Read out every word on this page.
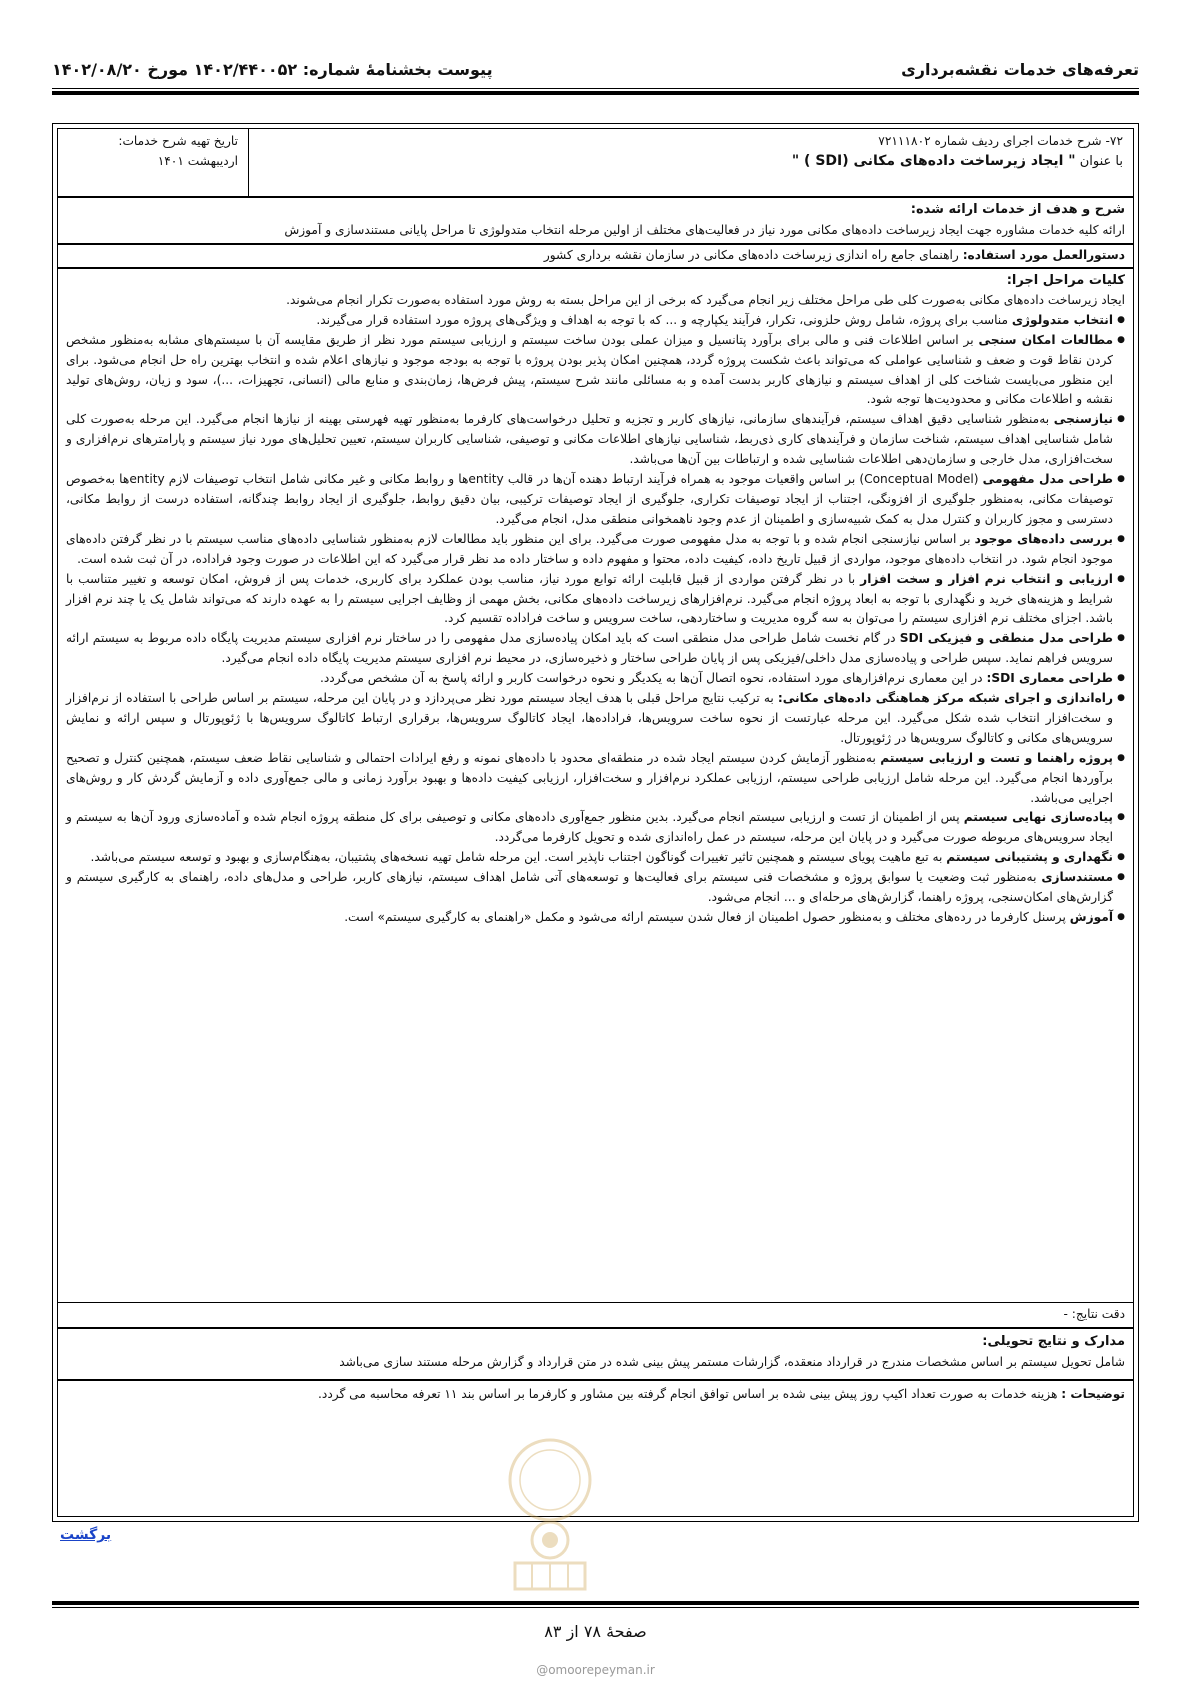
تعرفه‌های خدمات نقشه‌برداری
پیوست بخشنامهٔ شماره: ۱۴۰۲/۴۴۰۰۵۲ مورخ ۱۴۰۲/۰۸/۲۰

۷۲- شرح خدمات اجرای ردیف شماره ۷۲۱۱۱۸۰۲

با عنوان " ایجاد زیرساخت داده‌های مکانی (SDI ) "

تاریخ تهیه شرح خدمات:

اردیبهشت ۱۴۰۱

شرح و هدف از خدمات ارائه شده:

ارائه کلیه خدمات مشاوره جهت ایجاد زیرساخت داده‌های مکانی مورد نیاز در فعالیت‌های مختلف از اولین مرحله انتخاب متدولوژی تا مراحل پایانی مستندسازی و آموزش

دستورالعمل مورد استفاده: راهنمای جامع راه اندازی زیرساخت داده‌های مکانی در سازمان نقشه برداری کشور

کلیات مراحل اجرا:

ایجاد زیرساخت داده‌های مکانی به‌صورت کلی طی مراحل مختلف زیر انجام می‌گیرد که برخی از این مراحل بسته به روش مورد استفاده به‌صورت تکرار انجام می‌شوند.

● انتخاب متدولوژی مناسب برای پروژه، شامل روش حلزونی، تکرار، فرآیند یکپارچه و ... که با توجه به اهداف و ویژگی‌های پروژه مورد استفاده قرار می‌گیرند.
● مطالعات امکان سنجی بر اساس اطلاعات فنی و مالی برای برآورد پتانسیل و میزان عملی بودن ساخت سیستم و ارزیابی سیستم مورد نظر از طریق مقایسه آن با سیستم‌های مشابه به‌منظور مشخص کردن نقاط قوت و ضعف و شناسایی عواملی که می‌تواند باعث شکست پروژه گردد، همچنین امکان پذیر بودن پروژه با توجه به بودجه موجود و نیازهای اعلام شده و انتخاب بهترین راه حل انجام می‌شود. برای این منظور می‌بایست شناخت کلی از اهداف سیستم و نیازهای کاربر بدست آمده و به مسائلی مانند شرح سیستم، پیش فرض‌ها، زمان‌بندی و منابع مالی (انسانی، تجهیزات، ...)، سود و زیان، روش‌های تولید نقشه و اطلاعات مکانی و محدودیت‌ها توجه شود.
● نیازسنجی به‌منظور شناسایی دقیق اهداف سیستم، فرآیندهای سازمانی، نیازهای کاربر و تجزیه و تحلیل درخواست‌های کارفرما به‌منظور تهیه فهرستی بهینه از نیازها انجام می‌گیرد. این مرحله به‌صورت کلی شامل شناسایی اهداف سیستم، شناخت سازمان و فرآیندهای کاری ذی‌ربط، شناسایی نیازهای اطلاعات مکانی و توصیفی، شناسایی کاربران سیستم، تعیین تحلیل‌های مورد نیاز سیستم و پارامترهای نرم‌افزاری و سخت‌افزاری، مدل خارجی و سازمان‌دهی اطلاعات شناسایی شده و ارتباطات بین آن‌ها می‌باشد.
● طراحی مدل مفهومی (Conceptual Model) بر اساس واقعیات موجود به همراه فرآیند ارتباط دهنده آن‌ها در قالب entityها و روابط مکانی و غیر مکانی شامل انتخاب توصیفات لازم entityها به‌خصوص توصیفات مکانی، به‌منظور جلوگیری از افزونگی، اجتناب از ایجاد توصیفات تکراری، جلوگیری از ایجاد توصیفات ترکیبی، بیان دقیق روابط، جلوگیری از ایجاد روابط چندگانه، استفاده درست از روابط مکانی، دسترسی و مجوز کاربران و کنترل مدل به کمک شبیه‌سازی و اطمینان از عدم وجود ناهمخوانی منطقی مدل، انجام می‌گیرد.
● بررسی داده‌های موجود بر اساس نیازسنجی انجام شده و با توجه به مدل مفهومی صورت می‌گیرد. برای این منظور باید مطالعات لازم به‌منظور شناسایی داده‌های مناسب سیستم با در نظر گرفتن داده‌های موجود انجام شود. در انتخاب داده‌های موجود، مواردی از قبیل تاریخ داده، کیفیت داده، محتوا و مفهوم داده و ساختار داده مد نظر قرار می‌گیرد که این اطلاعات در صورت وجود فراداده، در آن ثبت شده است.
● ارزیابی و انتخاب نرم افزار و سخت افزار با در نظر گرفتن مواردی از قبیل قابلیت ارائه توابع مورد نیاز، مناسب بودن عملکرد برای کاربری، خدمات پس از فروش، امکان توسعه و تغییر متناسب با شرایط و هزینه‌های خرید و نگهداری با توجه به ابعاد پروژه انجام می‌گیرد. نرم‌افزارهای زیرساخت داده‌های مکانی، بخش مهمی از وظایف اجرایی سیستم را به عهده دارند که می‌تواند شامل یک یا چند نرم افزار باشد. اجزای مختلف نرم افزاری سیستم را می‌توان به سه گروه مدیریت و ساختاردهی، ساخت سرویس و ساخت فراداده تقسیم کرد.
● طراحی مدل منطقی و فیزیکی SDI در گام نخست شامل طراحی مدل منطقی است که باید امکان پیاده‌سازی مدل مفهومی را در ساختار نرم افزاری سیستم مدیریت پایگاه داده مربوط به سیستم ارائه سرویس فراهم نماید. سپس طراحی و پیاده‌سازی مدل داخلی/فیزیکی پس از پایان طراحی ساختار و ذخیره‌سازی، در محیط نرم افزاری سیستم مدیریت پایگاه داده انجام می‌گیرد.
● طراحی معماری SDI: در این معماری نرم‌افزارهای مورد استفاده، نحوه اتصال آن‌ها به یکدیگر و نحوه درخواست کاربر و ارائه پاسخ به آن مشخص می‌گردد.
● راه‌اندازی و اجرای شبکه مرکز هماهنگی داده‌های مکانی: به ترکیب نتایج مراحل قبلی با هدف ایجاد سیستم مورد نظر می‌پردازد و در پایان این مرحله، سیستم بر اساس طراحی با استفاده از نرم‌افزار و سخت‌افزار انتخاب شده شکل می‌گیرد. این مرحله عبارتست از نحوه ساخت سرویس‌ها، فراداده‌ها، ایجاد کاتالوگ سرویس‌ها، برقراری ارتباط کاتالوگ سرویس‌ها با ژئوپورتال و سپس ارائه و نمایش سرویس‌های مکانی و کاتالوگ سرویس‌ها در ژئوپورتال.
● پروژه راهنما و تست و ارزیابی سیستم به‌منظور آزمایش کردن سیستم ایجاد شده در منطقه‌ای محدود با داده‌های نمونه و رفع ایرادات احتمالی و شناسایی نقاط ضعف سیستم، همچنین کنترل و تصحیح برآوردها انجام می‌گیرد. این مرحله شامل ارزیابی طراحی سیستم، ارزیابی عملکرد نرم‌افزار و سخت‌افزار، ارزیابی کیفیت داده‌ها و بهبود برآورد زمانی و مالی جمع‌آوری داده و آزمایش گردش کار و روش‌های اجرایی می‌باشد.
● پیاده‌سازی نهایی سیستم پس از اطمینان از تست و ارزیابی سیستم انجام می‌گیرد. بدین منظور جمع‌آوری داده‌های مکانی و توصیفی برای کل منطقه پروژه انجام شده و آماده‌سازی ورود آن‌ها به سیستم و ایجاد سرویس‌های مربوطه صورت می‌گیرد و در پایان این مرحله، سیستم در عمل راه‌اندازی شده و تحویل کارفرما می‌گردد.
● نگهداری و پشتیبانی سیستم به تبع ماهیت پویای سیستم و همچنین تاثیر تغییرات گوناگون اجتناب ناپذیر است. این مرحله شامل تهیه نسخه‌های پشتیبان، به‌هنگام‌سازی و بهبود و توسعه سیستم می‌باشد.
● مستندسازی به‌منظور ثبت وضعیت یا سوابق پروژه و مشخصات فنی سیستم برای فعالیت‌ها و توسعه‌های آتی شامل اهداف سیستم، نیازهای کاربر، طراحی و مدل‌های داده، راهنمای به کارگیری سیستم و گزارش‌های امکان‌سنجی، پروژه راهنما، گزارش‌های مرحله‌ای و ... انجام می‌شود.
● آموزش پرسنل کارفرما در رده‌های مختلف و به‌منظور حصول اطمینان از فعال شدن سیستم ارائه می‌شود و مکمل «راهنمای به کارگیری سیستم» است.

دقت نتایج: -

مدارک و نتایج تحویلی:

شامل تحویل سیستم بر اساس مشخصات مندرج در قرارداد منعقده، گزارشات مستمر پیش بینی شده در متن قرارداد و گزارش مرحله مستند سازی می‌باشد

توضیحات : هزینه خدمات به صورت تعداد اکیپ روز پیش بینی شده بر اساس توافق انجام گرفته بین مشاور و کارفرما بر اساس بند ۱۱ تعرفه محاسبه می گردد.

برگشت
صفحهٔ ۷۸ از ۸۳
@omoorepeyman.ir
